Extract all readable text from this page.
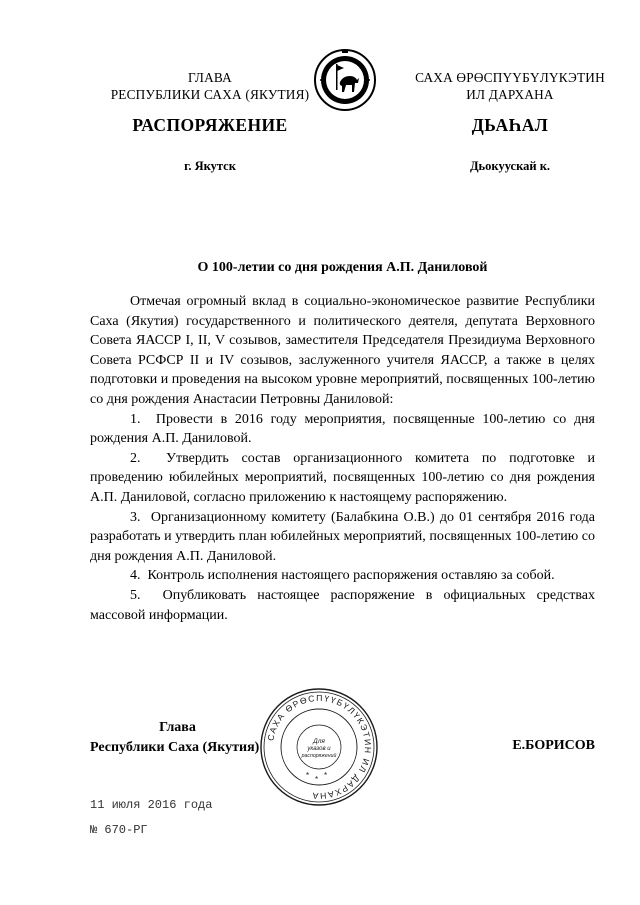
ГЛАВА
РЕСПУБЛИКИ САХА (ЯКУТИЯ)
САХА ӨРӨСПҮҮБҮЛҮКЭТИН
ИЛ ДАРХАНА
РАСПОРЯЖЕНИЕ	ДЬАҺАЛ
г. Якутск	Дьокуускай к.
О 100-летии со дня рождения А.П. Даниловой

Отмечая огромный вклад в социально-экономическое развитие Республики Саха (Якутия) государственного и политического деятеля, депутата Верховного Совета ЯАССР I, II, V созывов, заместителя Председателя Президиума Верховного Совета РСФСР II и IV созывов, заслуженного учителя ЯАССР, а также в целях подготовки и проведения на высоком уровне мероприятий, посвященных 100-летию со дня рождения Анастасии Петровны Даниловой:

1.  Провести в 2016 году мероприятия, посвященные 100-летию со дня рождения А.П. Даниловой.

2.  Утвердить состав организационного комитета по подготовке и проведению юбилейных мероприятий, посвященных 100-летию со дня рождения А.П. Даниловой, согласно приложению к настоящему распоряжению.

3.  Организационному комитету (Балабкина О.В.) до 01 сентября 2016 года разработать и утвердить план юбилейных мероприятий, посвященных 100-летию со дня рождения А.П. Даниловой.

4.  Контроль исполнения настоящего распоряжения оставляю за собой.

5.  Опубликовать настоящее распоряжение в официальных средствах массовой информации.

Глава
Республики Саха (Якутия)
САХА ӨРӨСПҮҮБҮЛҮКЭТИН ИЛ ДАРХАНА
Для
указов и
распоряжений
* * *
Е.БОРИСОВ
11 июля 2016 года
№ 670-РГ
